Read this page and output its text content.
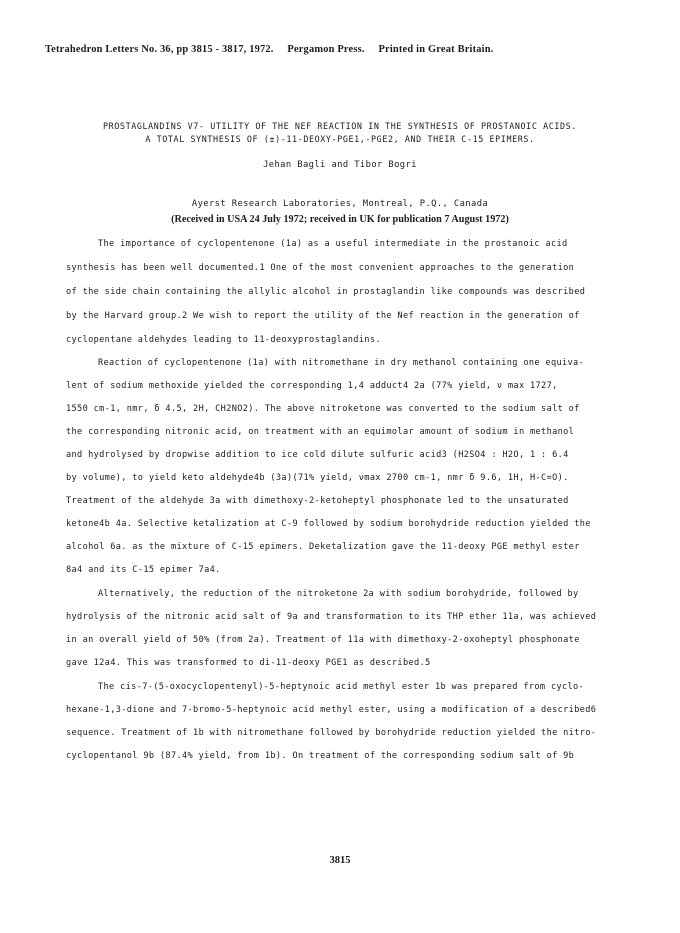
Tetrahedron Letters No. 36, pp 3815 - 3817, 1972. Pergamon Press. Printed in Great Britain.
PROSTAGLANDINS V7- UTILITY OF THE NEF REACTION IN THE SYNTHESIS OF PROSTANOIC ACIDS.
A TOTAL SYNTHESIS OF (±)-11-DEOXY-PGE1,-PGE2, AND THEIR C-15 EPIMERS.
Jehan Bagli and Tibor Bogri
Ayerst Research Laboratories, Montreal, P.Q., Canada
(Received in USA 24 July 1972; received in UK for publication 7 August 1972)
The importance of cyclopentenone (1a) as a useful intermediate in the prostanoic acid
synthesis has been well documented.1 One of the most convenient approaches to the generation
of the side chain containing the allylic alcohol in prostaglandin like compounds was described
by the Harvard group.2 We wish to report the utility of the Nef reaction in the generation of
cyclopentane aldehydes leading to 11-deoxyprostaglandins.
Reaction of cyclopentenone (1a) with nitromethane in dry methanol containing one equiva-
lent of sodium methoxide yielded the corresponding 1,4 adduct4 2a (77% yield, ν max 1727,
1550 cm-1, nmr, δ 4.5, 2H, CH2NO2). The above nitroketone was converted to the sodium salt of
the corresponding nitronic acid, on treatment with an equimolar amount of sodium in methanol
and hydrolysed by dropwise addition to ice cold dilute sulfuric acid3 (H2SO4 : H2O, 1 : 6.4
by volume), to yield keto aldehyde4b (3a)(71% yield, νmax 2700 cm-1, nmr δ 9.6, 1H, H-C=O).
Treatment of the aldehyde 3a with dimethoxy-2-ketoheptyl phosphonate led to the unsaturated
ketone4b 4a. Selective ketalization at C-9 followed by sodium borohydride reduction yielded the
alcohol 6a. as the mixture of C-15 epimers. Deketalization gave the 11-deoxy PGE methyl ester
8a4 and its C-15 epimer 7a4.
Alternatively, the reduction of the nitroketone 2a with sodium borohydride, followed by
hydrolysis of the nitronic acid salt of 9a and transformation to its THP ether 11a, was achieved
in an overall yield of 50% (from 2a). Treatment of 11a with dimethoxy-2-oxoheptyl phosphonate
gave 12a4. This was transformed to di-11-deoxy PGE1 as described.5
The cis-7-(5-oxocyclopentenyl)-5-heptynoic acid methyl ester 1b was prepared from cyclo-
hexane-1,3-dione and 7-bromo-5-heptynoic acid methyl ester, using a modification of a described6
sequence. Treatment of 1b with nitromethane followed by borohydride reduction yielded the nitro-
cyclopentanol 9b (87.4% yield, from 1b). On treatment of the corresponding sodium salt of 9b
3815
